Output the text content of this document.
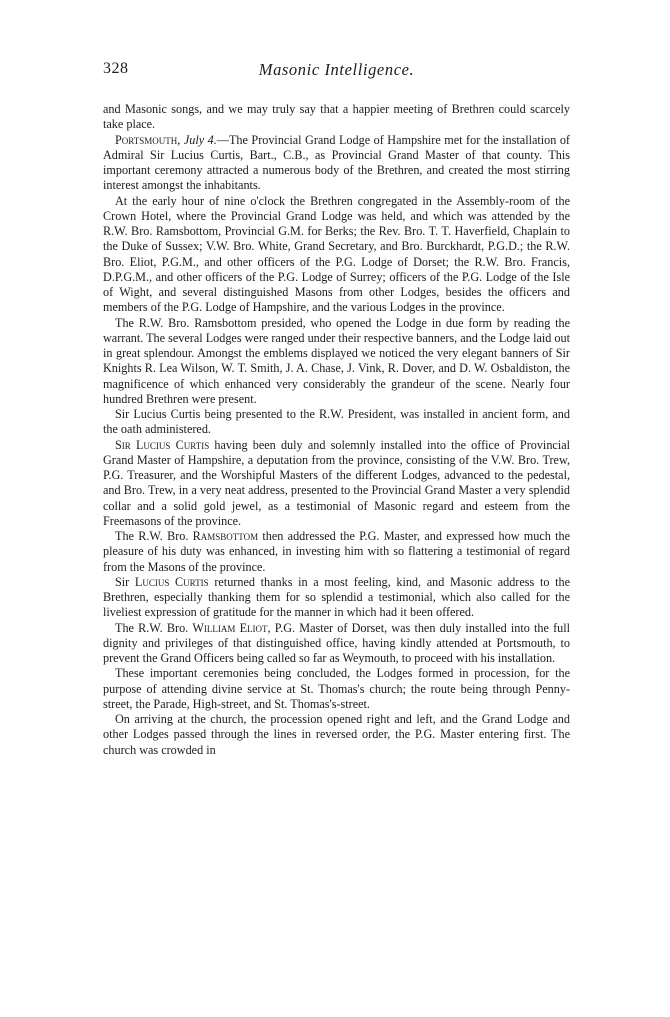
328	Masonic Intelligence.

and Masonic songs, and we may truly say that a happier meeting of Brethren could scarcely take place.

Portsmouth, July 4.—The Provincial Grand Lodge of Hampshire met for the installation of Admiral Sir Lucius Curtis, Bart., C.B., as Provincial Grand Master of that county. This important ceremony attracted a numerous body of the Brethren, and created the most stirring interest amongst the inhabitants.

At the early hour of nine o'clock the Brethren congregated in the Assembly-room of the Crown Hotel, where the Provincial Grand Lodge was held, and which was attended by the R.W. Bro. Ramsbottom, Provincial G.M. for Berks; the Rev. Bro. T. T. Haverfield, Chaplain to the Duke of Sussex; V.W. Bro. White, Grand Secretary, and Bro. Burckhardt, P.G.D.; the R.W. Bro. Eliot, P.G.M., and other officers of the P.G. Lodge of Dorset; the R.W. Bro. Francis, D.P.G.M., and other officers of the P.G. Lodge of Surrey; officers of the P.G. Lodge of the Isle of Wight, and several distinguished Masons from other Lodges, besides the officers and members of the P.G. Lodge of Hampshire, and the various Lodges in the province.

The R.W. Bro. Ramsbottom presided, who opened the Lodge in due form by reading the warrant. The several Lodges were ranged under their respective banners, and the Lodge laid out in great splendour. Amongst the emblems displayed we noticed the very elegant banners of Sir Knights R. Lea Wilson, W. T. Smith, J. A. Chase, J. Vink, R. Dover, and D. W. Osbaldiston, the magnificence of which enhanced very considerably the grandeur of the scene. Nearly four hundred Brethren were present.

Sir Lucius Curtis being presented to the R.W. President, was installed in ancient form, and the oath administered.

Sir Lucius Curtis having been duly and solemnly installed into the office of Provincial Grand Master of Hampshire, a deputation from the province, consisting of the V.W. Bro. Trew, P.G. Treasurer, and the Worshipful Masters of the different Lodges, advanced to the pedestal, and Bro. Trew, in a very neat address, presented to the Provincial Grand Master a very splendid collar and a solid gold jewel, as a testimonial of Masonic regard and esteem from the Freemasons of the province.

The R.W. Bro. Ramsbottom then addressed the P.G. Master, and expressed how much the pleasure of his duty was enhanced, in investing him with so flattering a testimonial of regard from the Masons of the province.

Sir Lucius Curtis returned thanks in a most feeling, kind, and Masonic address to the Brethren, especially thanking them for so splendid a testimonial, which also called for the liveliest expression of gratitude for the manner in which had it been offered.

The R.W. Bro. William Eliot, P.G. Master of Dorset, was then duly installed into the full dignity and privileges of that distinguished office, having kindly attended at Portsmouth, to prevent the Grand Officers being called so far as Weymouth, to proceed with his installation.

These important ceremonies being concluded, the Lodges formed in procession, for the purpose of attending divine service at St. Thomas's church; the route being through Penny-street, the Parade, High-street, and St. Thomas's-street.

On arriving at the church, the procession opened right and left, and the Grand Lodge and other Lodges passed through the lines in reversed order, the P.G. Master entering first. The church was crowded in
